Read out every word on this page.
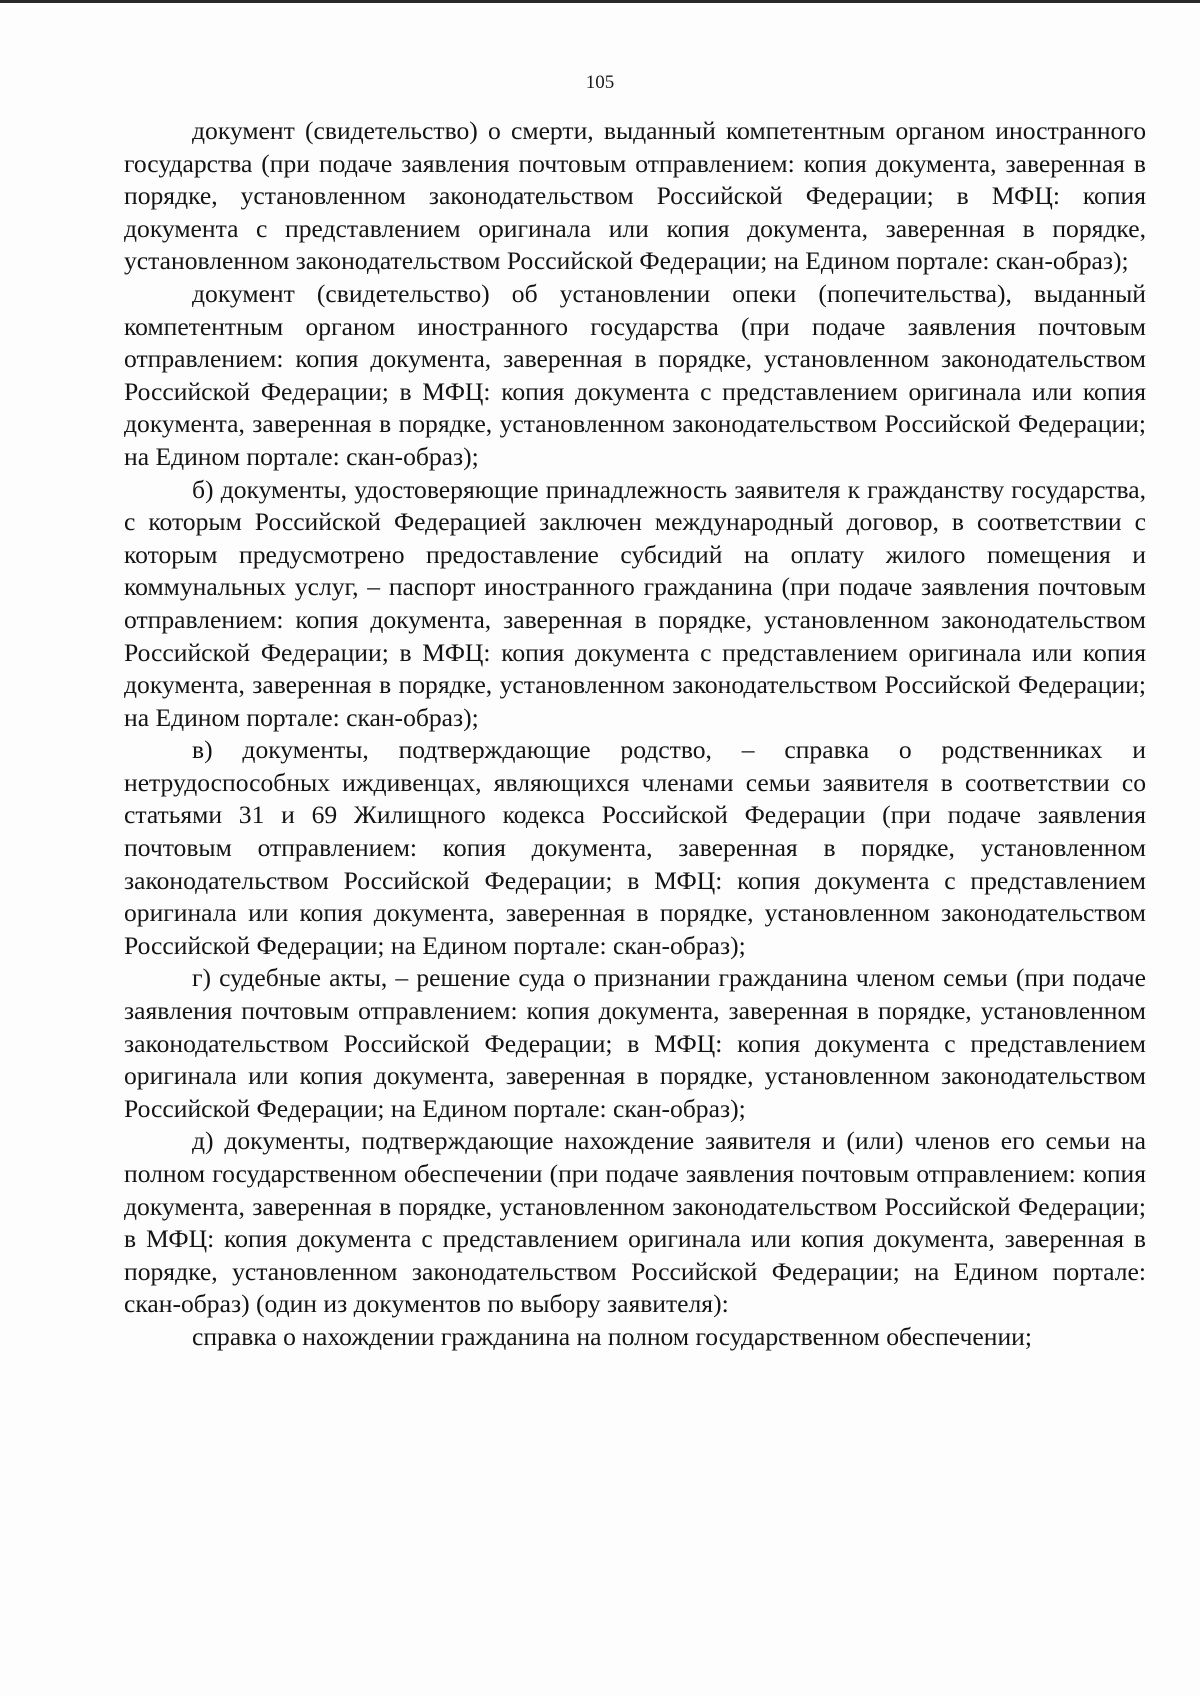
105

документ (свидетельство) о смерти, выданный компетентным органом иностранного государства (при подаче заявления почтовым отправлением: копия документа, заверенная в порядке, установленном законодательством Российской Федерации; в МФЦ: копия документа с представлением оригинала или копия документа, заверенная в порядке, установленном законодательством Российской Федерации; на Едином портале: скан-образ);

документ (свидетельство) об установлении опеки (попечительства), выданный компетентным органом иностранного государства (при подаче заявления почтовым отправлением: копия документа, заверенная в порядке, установленном законодательством Российской Федерации; в МФЦ: копия документа с представлением оригинала или копия документа, заверенная в порядке, установленном законодательством Российской Федерации; на Едином портале: скан-образ);

б) документы, удостоверяющие принадлежность заявителя к гражданству государства, с которым Российской Федерацией заключен международный договор, в соответствии с которым предусмотрено предоставление субсидий на оплату жилого помещения и коммунальных услуг, – паспорт иностранного гражданина (при подаче заявления почтовым отправлением: копия документа, заверенная в порядке, установленном законодательством Российской Федерации; в МФЦ: копия документа с представлением оригинала или копия документа, заверенная в порядке, установленном законодательством Российской Федерации; на Едином портале: скан-образ);

в) документы, подтверждающие родство, – справка о родственниках и нетрудоспособных иждивенцах, являющихся членами семьи заявителя в соответствии со статьями 31 и 69 Жилищного кодекса Российской Федерации (при подаче заявления почтовым отправлением: копия документа, заверенная в порядке, установленном законодательством Российской Федерации; в МФЦ: копия документа с представлением оригинала или копия документа, заверенная в порядке, установленном законодательством Российской Федерации; на Едином портале: скан-образ);

г) судебные акты, – решение суда о признании гражданина членом семьи (при подаче заявления почтовым отправлением: копия документа, заверенная в порядке, установленном законодательством Российской Федерации; в МФЦ: копия документа с представлением оригинала или копия документа, заверенная в порядке, установленном законодательством Российской Федерации; на Едином портале: скан-образ);

д) документы, подтверждающие нахождение заявителя и (или) членов его семьи на полном государственном обеспечении (при подаче заявления почтовым отправлением: копия документа, заверенная в порядке, установленном законодательством Российской Федерации; в МФЦ: копия документа с представлением оригинала или копия документа, заверенная в порядке, установленном законодательством Российской Федерации; на Едином портале: скан-образ) (один из документов по выбору заявителя):

справка о нахождении гражданина на полном государственном обеспечении;
